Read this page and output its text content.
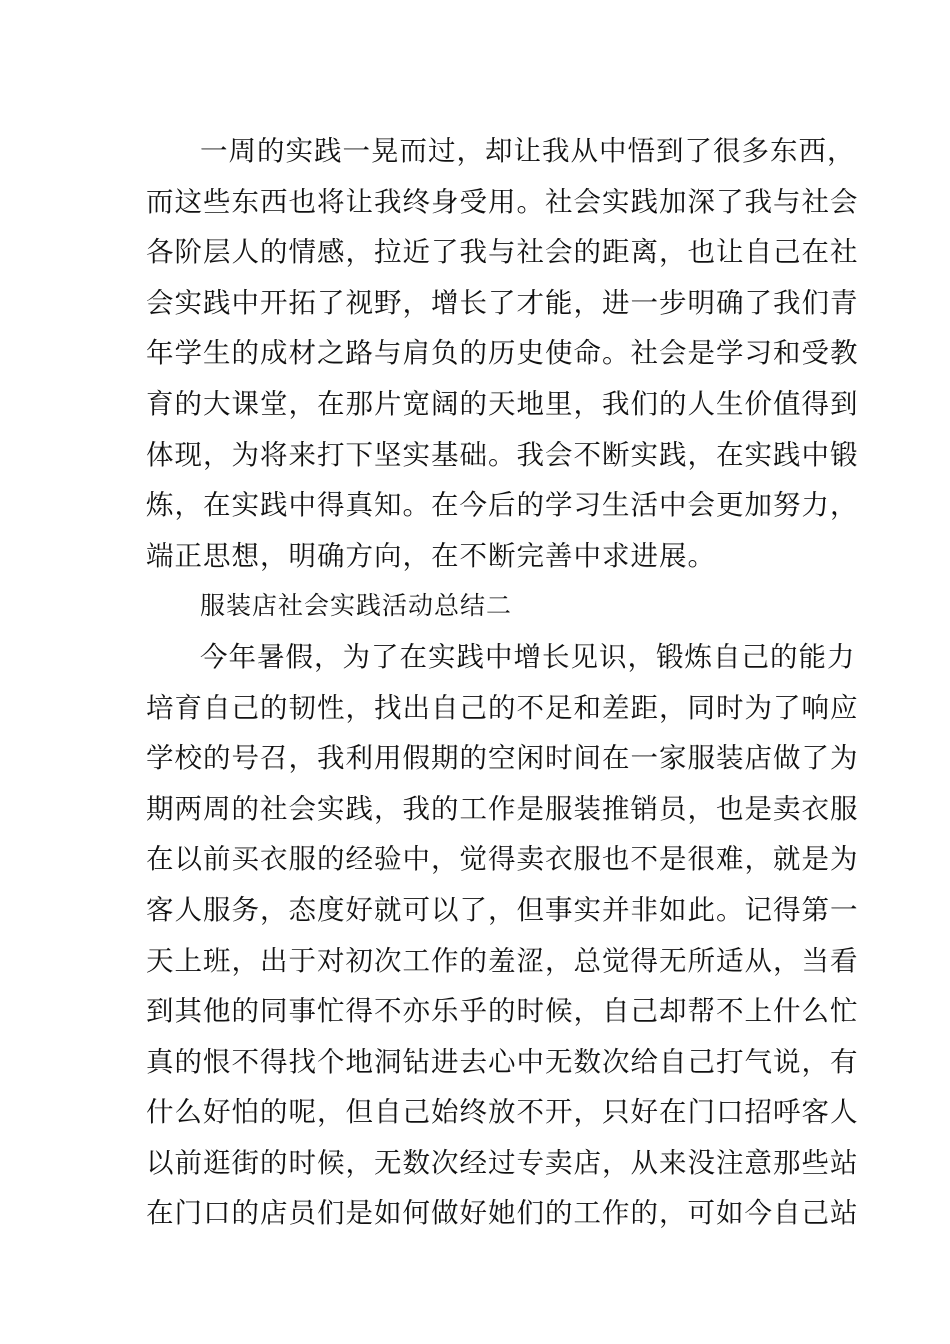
一周的实践一晃而过，却让我从中悟到了很多东西，
而这些东西也将让我终身受用。社会实践加深了我与社会
各阶层人的情感，拉近了我与社会的距离，也让自己在社
会实践中开拓了视野，增长了才能，进一步明确了我们青
年学生的成材之路与肩负的历史使命。社会是学习和受教
育的大课堂，在那片宽阔的天地里，我们的人生价值得到
体现，为将来打下坚实基础。我会不断实践，在实践中锻
炼，在实践中得真知。在今后的学习生活中会更加努力，
端正思想，明确方向，在不断完善中求进展。
服装店社会实践活动总结二
今年暑假，为了在实践中增长见识，锻炼自己的能力
培育自己的韧性，找出自己的不足和差距，同时为了响应
学校的号召，我利用假期的空闲时间在一家服装店做了为
期两周的社会实践，我的工作是服装推销员，也是卖衣服
在以前买衣服的经验中，觉得卖衣服也不是很难，就是为
客人服务，态度好就可以了，但事实并非如此。记得第一
天上班，出于对初次工作的羞涩，总觉得无所适从，当看
到其他的同事忙得不亦乐乎的时候，自己却帮不上什么忙
真的恨不得找个地洞钻进去心中无数次给自己打气说，有
什么好怕的呢，但自己始终放不开，只好在门口招呼客人
以前逛街的时候，无数次经过专卖店，从来没注意那些站
在门口的店员们是如何做好她们的工作的，可如今自己站
